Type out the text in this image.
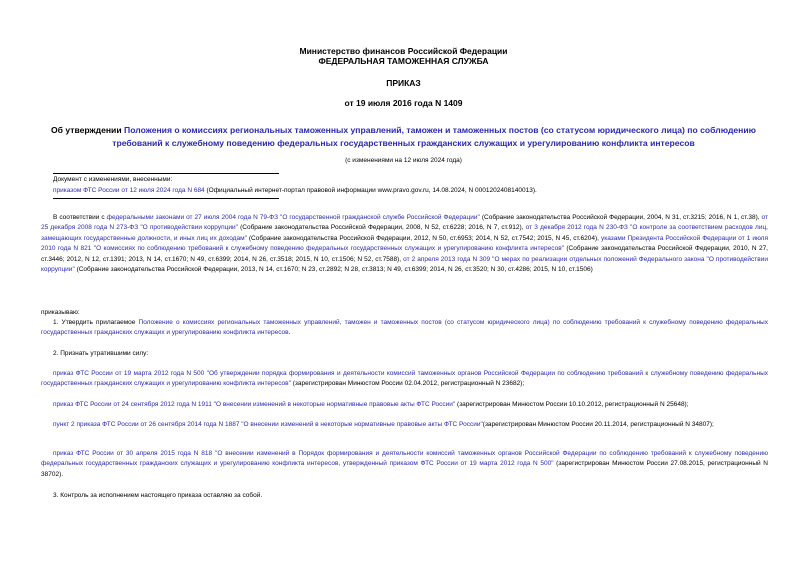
Министерство финансов Российской Федерации
ФЕДЕРАЛЬНАЯ ТАМОЖЕННАЯ СЛУЖБА
ПРИКАЗ
от 19 июля 2016 года N 1409
Об утверждении Положения о комиссиях региональных таможенных управлений, таможен и таможенных постов (со статусом юридического лица) по соблюдению требований к служебному поведению федеральных государственных гражданских служащих и урегулированию конфликта интересов
(с изменениями на 12 июля 2024 года)
Документ с изменениями, внесенными:
приказом ФТС России от 12 июля 2024 года N 684 (Официальный интернет-портал правовой информации www.pravo.gov.ru, 14.08.2024, N 0001202408140013).
В соответствии с федеральными законами от 27 июля 2004 года N 79-ФЗ "О государственной гражданской службе Российской Федерации" (Собрание законодательства Российской Федерации, 2004, N 31, ст.3215; 2016, N 1, ст.38), от 25 декабря 2008 года N 273-ФЗ "О противодействии коррупции" (Собрание законодательства Российской Федерации, 2008, N 52, ст.6228; 2016, N 7, ст.912), от 3 декабря 2012 года N 230-ФЗ "О контроле за соответствием расходов лиц, замещающих государственные должности, и иных лиц их доходам" (Собрание законодательства Российской Федерации, 2012, N 50, ст.6953; 2014, N 52, ст.7542; 2015, N 45, ст.6204), указами Президента Российской Федерации от 1 июля 2010 года N 821 "О комиссиях по соблюдению требований к служебному поведению федеральных государственных служащих и урегулированию конфликта интересов" (Собрание законодательства Российской Федерации, 2010, N 27, ст.3446; 2012, N 12, ст.1391; 2013, N 14, ст.1670; N 49, ст.6399; 2014, N 26, ст.3518; 2015, N 10, ст.1506; N 52, ст.7588), от 2 апреля 2013 года N 309 "О мерах по реализации отдельных положений Федерального закона "О противодействии коррупции" (Собрание законодательства Российской Федерации, 2013, N 14, ст.1670; N 23, ст.2892; N 28, ст.3813; N 49, ст.6399; 2014, N 26, ст.3520; N 30, ст.4286; 2015, N 10, ст.1506)
приказываю:
1. Утвердить прилагаемое Положение о комиссиях региональных таможенных управлений, таможен и таможенных постов (со статусом юридического лица) по соблюдению требований к служебному поведению федеральных государственных гражданских служащих и урегулированию конфликта интересов.
2. Признать утратившими силу:
приказ ФТС России от 19 марта 2012 года N 500 "Об утверждении порядка формирования и деятельности комиссий таможенных органов Российской Федерации по соблюдению требований к служебному поведению федеральных государственных гражданских служащих и урегулированию конфликта интересов" (зарегистрирован Минюстом России 02.04.2012, регистрационный N 23682);
приказ ФТС России от 24 сентября 2012 года N 1911 "О внесении изменений в некоторые нормативные правовые акты ФТС России" (зарегистрирован Минюстом России 10.10.2012, регистрационный N 25648);
пункт 2 приказа ФТС России от 26 сентября 2014 года N 1887 "О внесении изменений в некоторые нормативные правовые акты ФТС России"(зарегистрирован Минюстом России 20.11.2014, регистрационный N 34807);
приказ ФТС России от 30 апреля 2015 года N 818 "О внесении изменений в Порядок формирования и деятельности комиссий таможенных органов Российской Федерации по соблюдению требований к служебному поведению федеральных государственных гражданских служащих и урегулированию конфликта интересов, утвержденный приказом ФТС России от 19 марта 2012 года N 500" (зарегистрирован Минюстом России 27.08.2015, регистрационный N 38702).
3. Контроль за исполнением настоящего приказа оставляю за собой.
